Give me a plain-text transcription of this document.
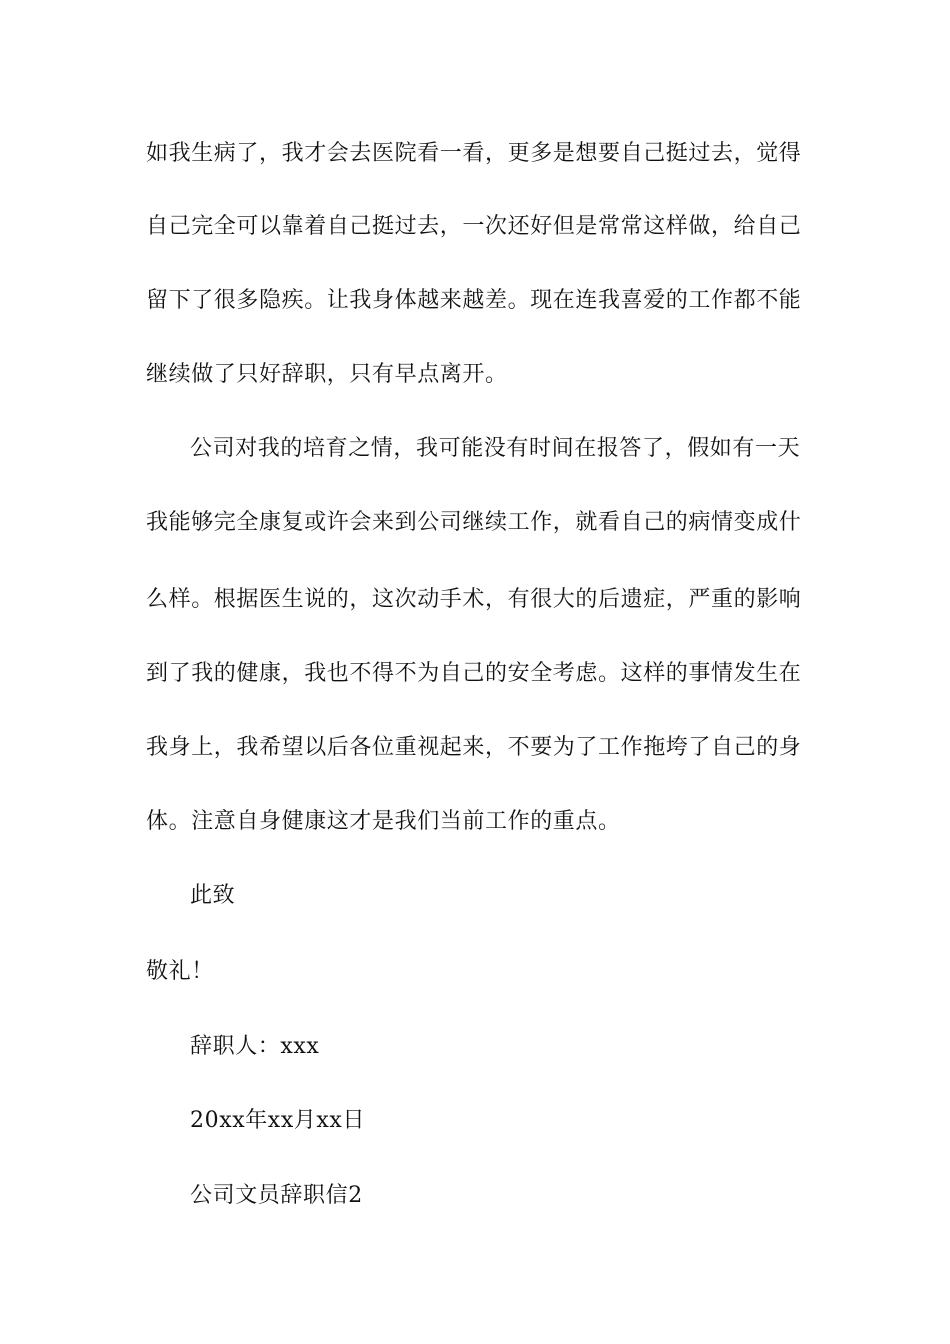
如我生病了，我才会去医院看一看，更多是想要自己挺过去，觉得
自己完全可以靠着自己挺过去，一次还好但是常常这样做，给自己
留下了很多隐疾。让我身体越来越差。现在连我喜爱的工作都不能
继续做了只好辞职，只有早点离开。
公司对我的培育之情，我可能没有时间在报答了，假如有一天
我能够完全康复或许会来到公司继续工作，就看自己的病情变成什
么样。根据医生说的，这次动手术，有很大的后遗症，严重的影响
到了我的健康，我也不得不为自己的安全考虑。这样的事情发生在
我身上，我希望以后各位重视起来，不要为了工作拖垮了自己的身
体。注意自身健康这才是我们当前工作的重点。
此致
敬礼！
辞职人：xxx
20xx年xx月xx日
公司文员辞职信2
